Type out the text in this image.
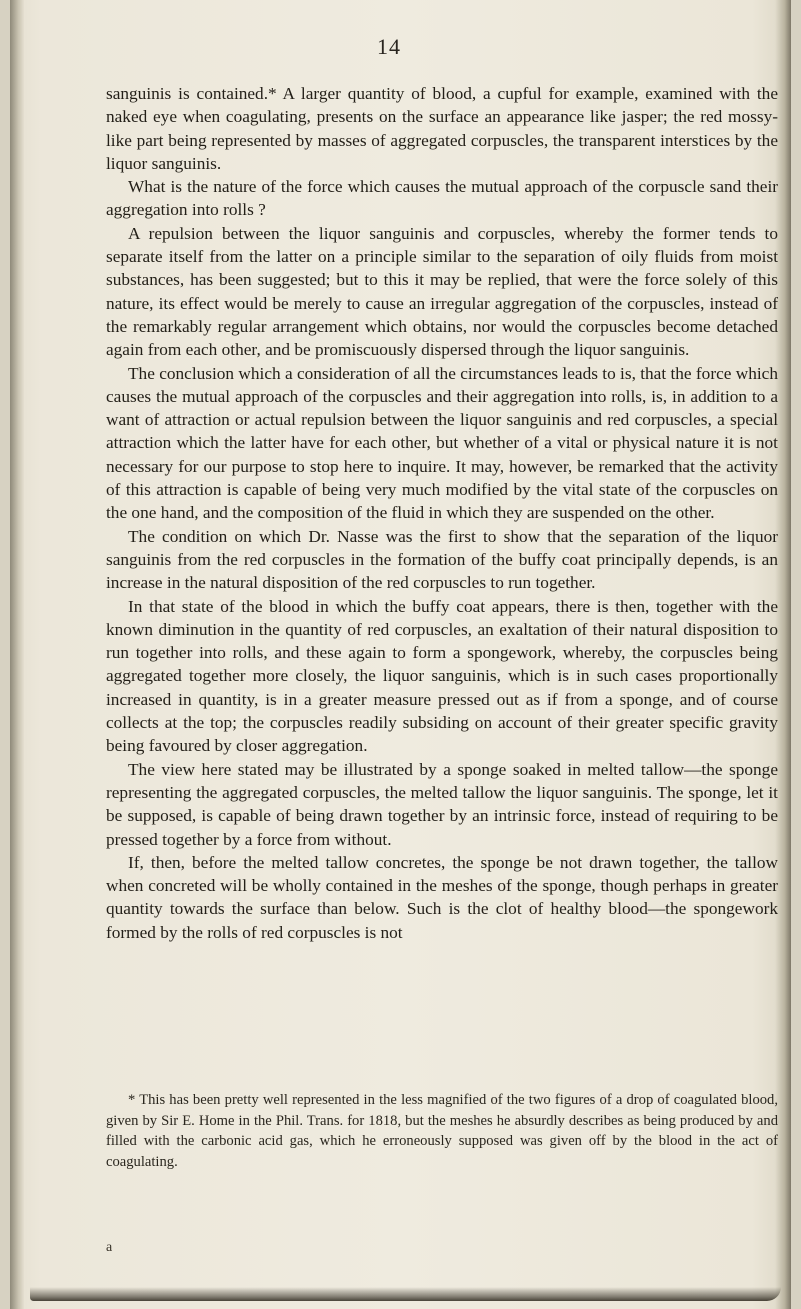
14

sanguinis is contained.* A larger quantity of blood, a cupful for example, examined with the naked eye when coagulating, presents on the surface an appearance like jasper; the red mossy-like part being represented by masses of aggregated corpuscles, the transparent interstices by the liquor sanguinis.

What is the nature of the force which causes the mutual approach of the corpuscle sand their aggregation into rolls ?

A repulsion between the liquor sanguinis and corpuscles, whereby the former tends to separate itself from the latter on a principle similar to the separation of oily fluids from moist substances, has been suggested; but to this it may be replied, that were the force solely of this nature, its effect would be merely to cause an irregular aggregation of the corpuscles, instead of the remarkably regular arrangement which obtains, nor would the corpuscles become detached again from each other, and be promiscuously dispersed through the liquor sanguinis.

The conclusion which a consideration of all the circumstances leads to is, that the force which causes the mutual approach of the corpuscles and their aggregation into rolls, is, in addition to a want of attraction or actual repulsion between the liquor sanguinis and red corpuscles, a special attraction which the latter have for each other, but whether of a vital or physical nature it is not necessary for our purpose to stop here to inquire. It may, however, be remarked that the activity of this attraction is capable of being very much modified by the vital state of the corpuscles on the one hand, and the composition of the fluid in which they are suspended on the other.

The condition on which Dr. Nasse was the first to show that the separation of the liquor sanguinis from the red corpuscles in the formation of the buffy coat principally depends, is an increase in the natural disposition of the red corpuscles to run together.

In that state of the blood in which the buffy coat appears, there is then, together with the known diminution in the quantity of red corpuscles, an exaltation of their natural disposition to run together into rolls, and these again to form a spongework, whereby, the corpuscles being aggregated together more closely, the liquor sanguinis, which is in such cases proportionally increased in quantity, is in a greater measure pressed out as if from a sponge, and of course collects at the top; the corpuscles readily subsiding on account of their greater specific gravity being favoured by closer aggregation.

The view here stated may be illustrated by a sponge soaked in melted tallow—the sponge representing the aggregated corpuscles, the melted tallow the liquor sanguinis. The sponge, let it be supposed, is capable of being drawn together by an intrinsic force, instead of requiring to be pressed together by a force from without.

If, then, before the melted tallow concretes, the sponge be not drawn together, the tallow when concreted will be wholly contained in the meshes of the sponge, though perhaps in greater quantity towards the surface than below. Such is the clot of healthy blood—the spongework formed by the rolls of red corpuscles is not

* This has been pretty well represented in the less magnified of the two figures of a drop of coagulated blood, given by Sir E. Home in the Phil. Trans. for 1818, but the meshes he absurdly describes as being produced by and filled with the carbonic acid gas, which he erroneously supposed was given off by the blood in the act of coagulating.
a
